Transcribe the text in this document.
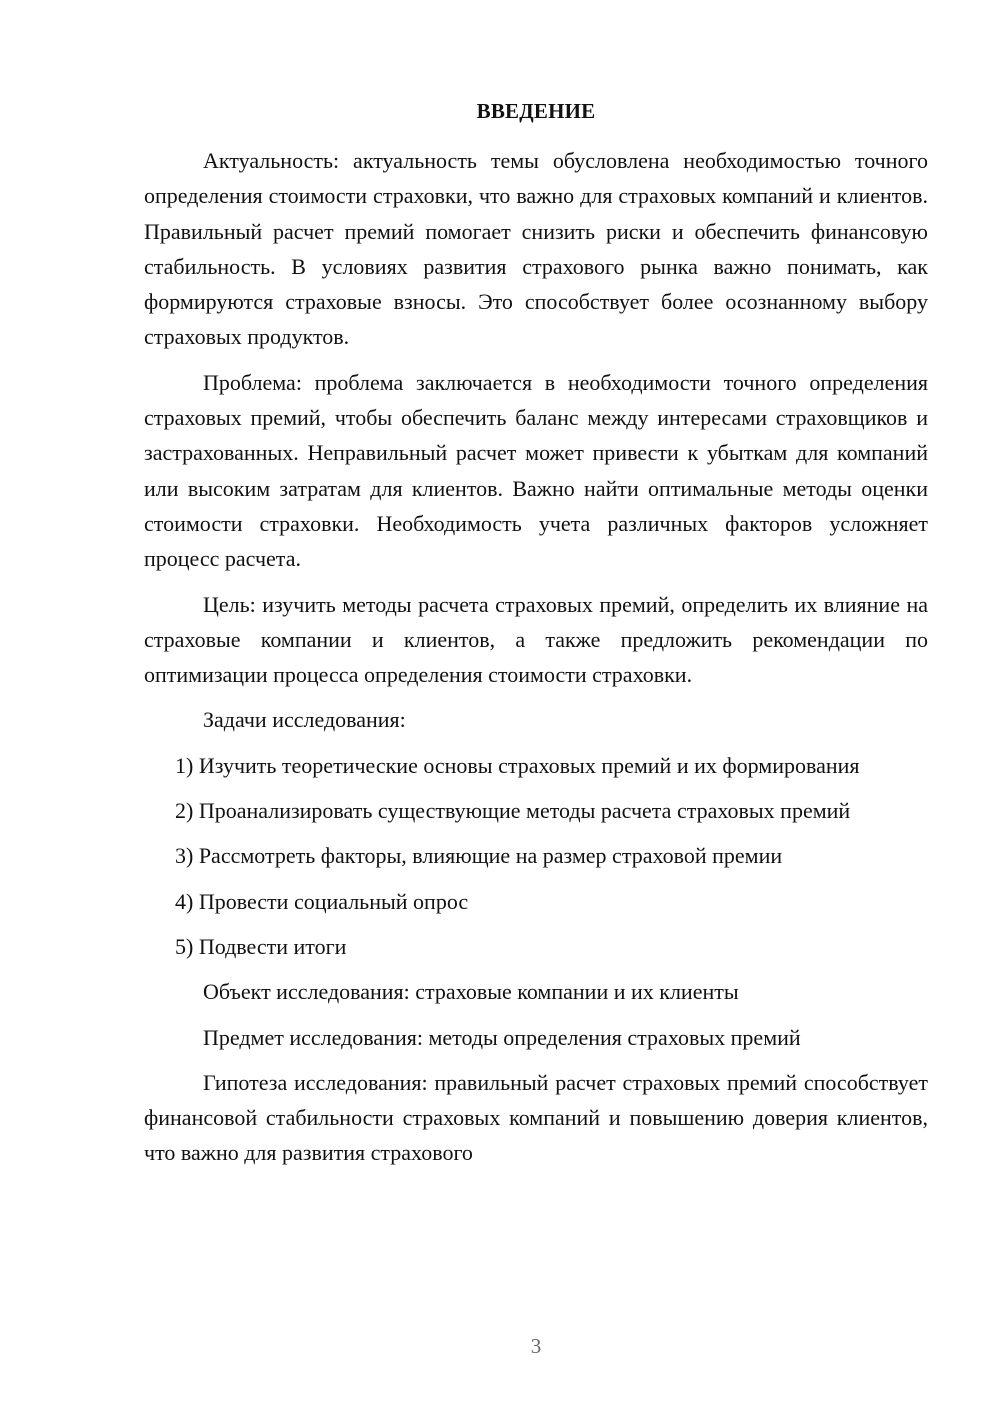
ВВЕДЕНИЕ

Актуальность: актуальность темы обусловлена необходимостью точного определения стоимости страховки, что важно для страховых компаний и клиентов. Правильный расчет премий помогает снизить риски и обеспечить финансовую стабильность. В условиях развития страхового рынка важно понимать, как формируются страховые взносы. Это способствует более осознанному выбору страховых продуктов.

Проблема: проблема заключается в необходимости точного определения страховых премий, чтобы обеспечить баланс между интересами страховщиков и застрахованных. Неправильный расчет может привести к убыткам для компаний или высоким затратам для клиентов. Важно найти оптимальные методы оценки стоимости страховки. Необходимость учета различных факторов усложняет процесс расчета.

Цель: изучить методы расчета страховых премий, определить их влияние на страховые компании и клиентов, а также предложить рекомендации по оптимизации процесса определения стоимости страховки.

Задачи исследования:

1) Изучить теоретические основы страховых премий и их формирования

2) Проанализировать существующие методы расчета страховых премий

3) Рассмотреть факторы, влияющие на размер страховой премии

4) Провести социальный опрос

5) Подвести итоги

Объект исследования: страховые компании и их клиенты

Предмет исследования: методы определения страховых премий

Гипотеза исследования: правильный расчет страховых премий способствует финансовой стабильности страховых компаний и повышению доверия клиентов, что важно для развития страхового

3
